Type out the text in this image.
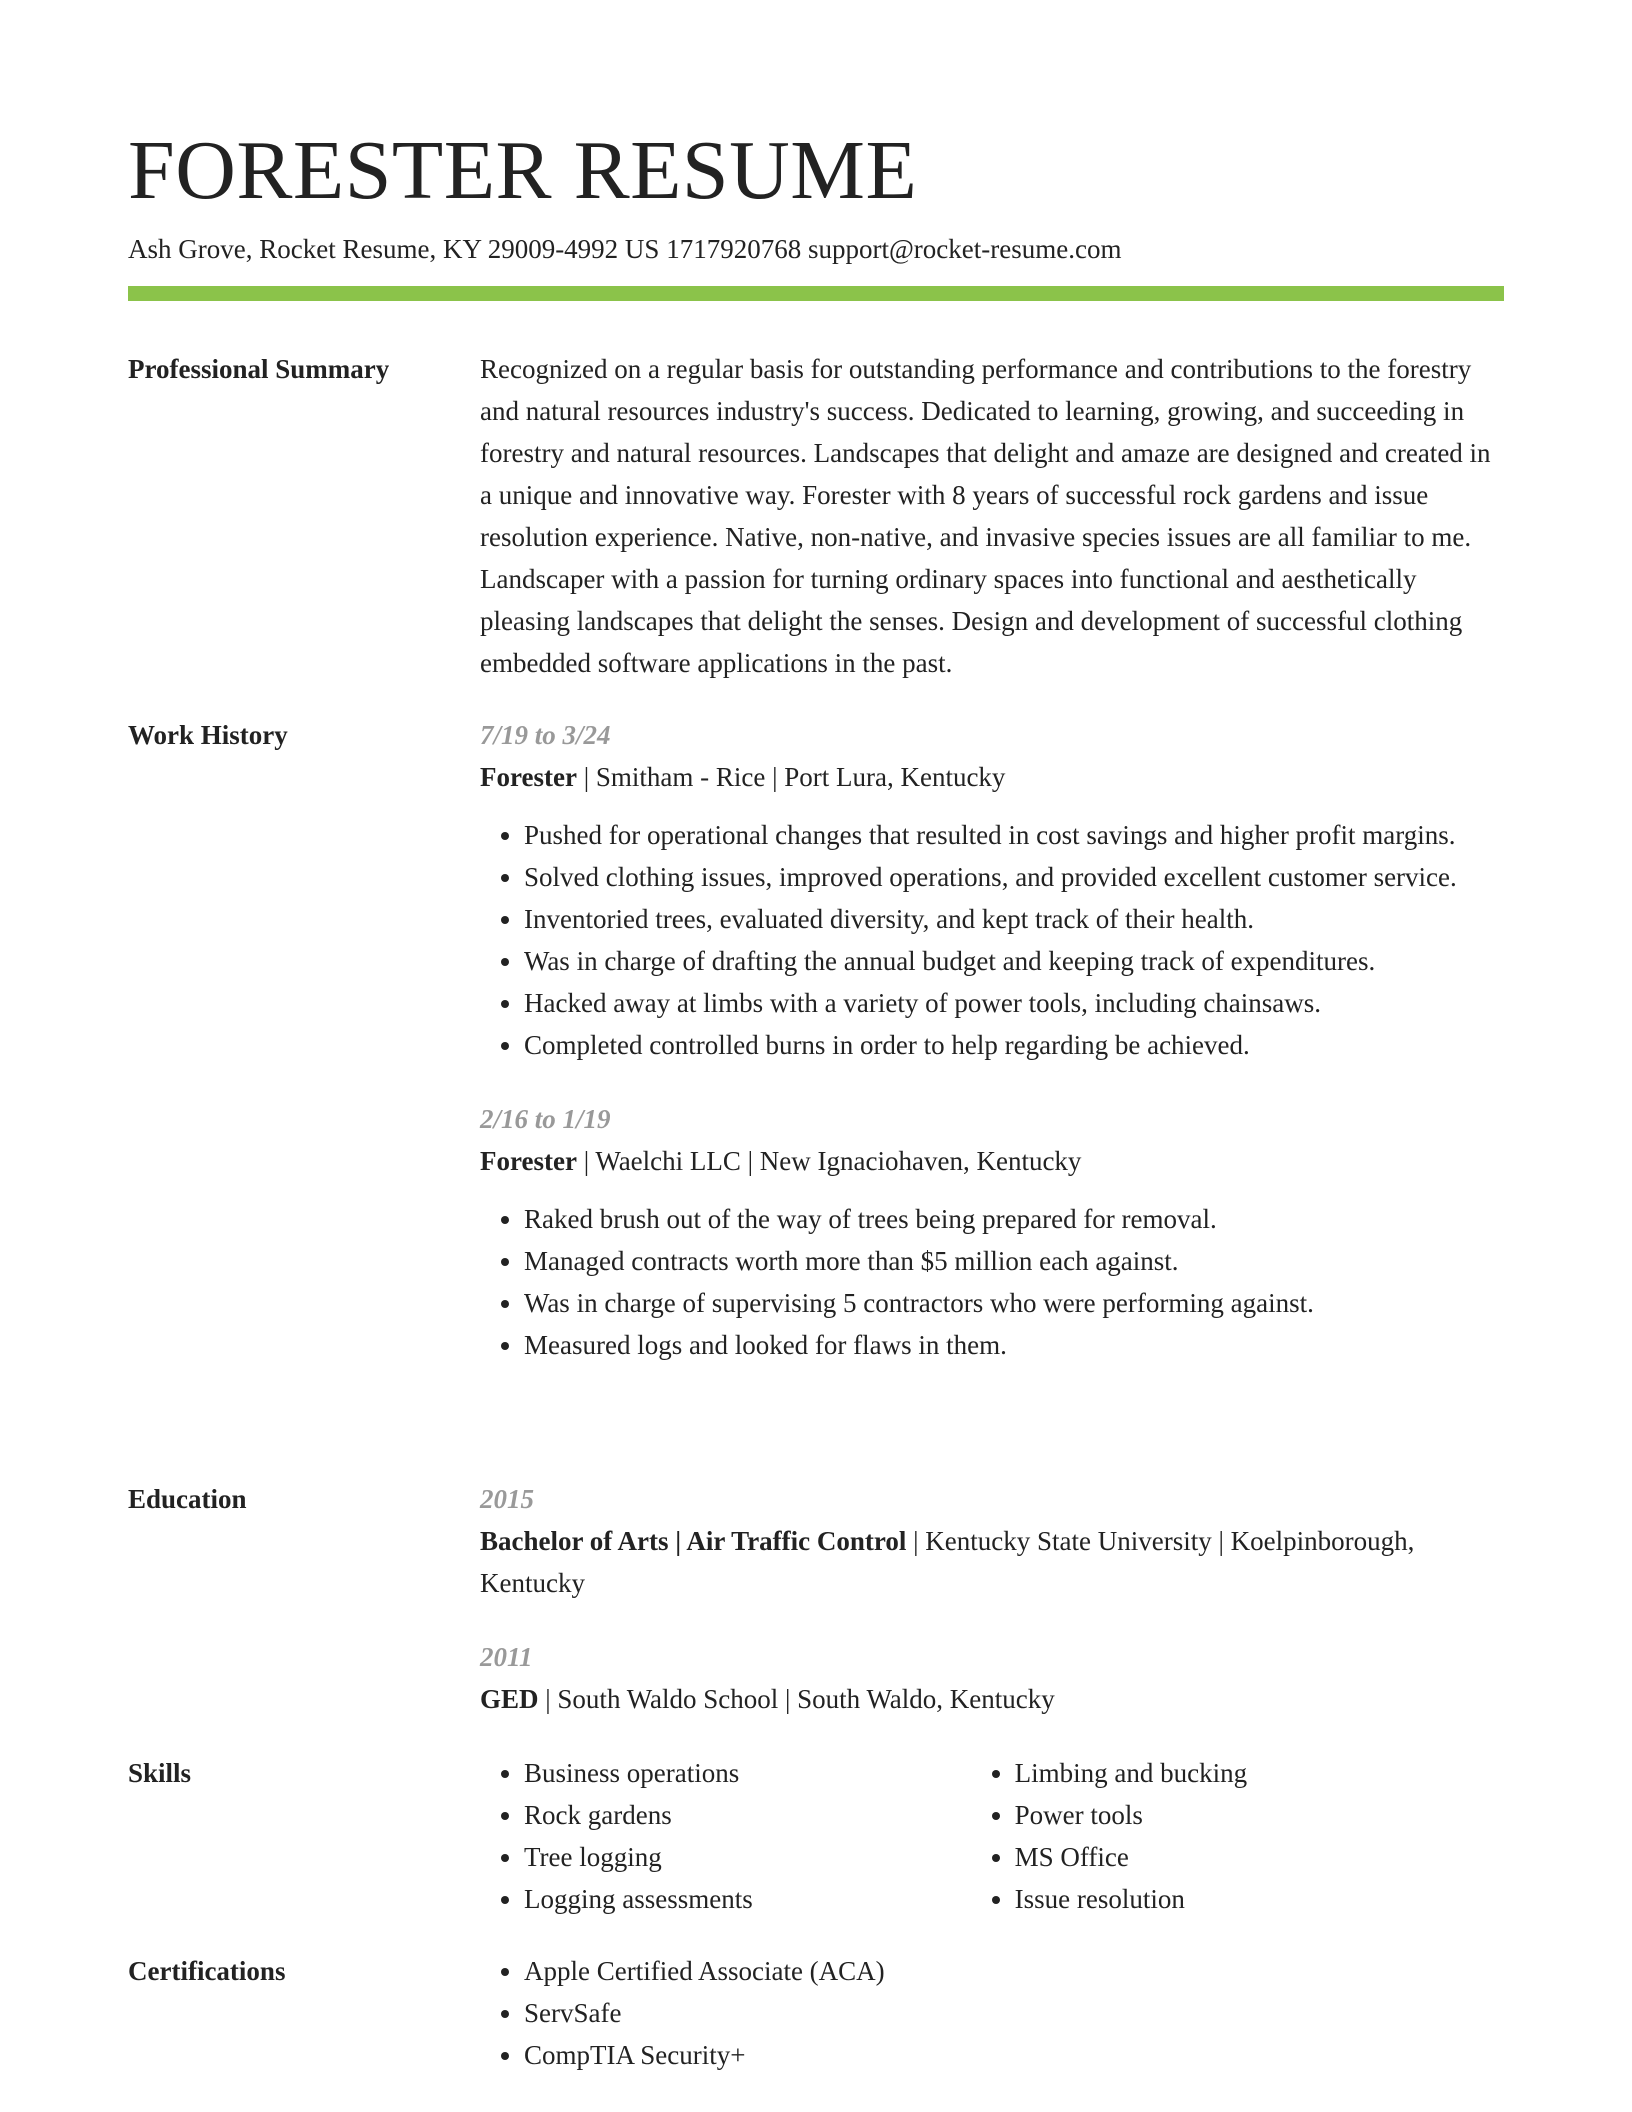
FORESTER RESUME
Ash Grove, Rocket Resume, KY 29009-4992 US 1717920768 support@rocket-resume.com
Professional Summary	Recognized on a regular basis for outstanding performance and contributions to the forestry and natural resources industry's success. Dedicated to learning, growing, and succeeding in forestry and natural resources. Landscapes that delight and amaze are designed and created in a unique and innovative way. Forester with 8 years of successful rock gardens and issue resolution experience. Native, non-native, and invasive species issues are all familiar to me. Landscaper with a passion for turning ordinary spaces into functional and aesthetically pleasing landscapes that delight the senses. Design and development of successful clothing embedded software applications in the past.

Work History	7/19 to 3/24
Forester | Smitham - Rice | Port Lura, Kentucky
• Pushed for operational changes that resulted in cost savings and higher profit margins.
• Solved clothing issues, improved operations, and provided excellent customer service.
• Inventoried trees, evaluated diversity, and kept track of their health.
• Was in charge of drafting the annual budget and keeping track of expenditures.
• Hacked away at limbs with a variety of power tools, including chainsaws.
• Completed controlled burns in order to help regarding be achieved.
2/16 to 1/19
Forester | Waelchi LLC | New Ignaciohaven, Kentucky
• Raked brush out of the way of trees being prepared for removal.
• Managed contracts worth more than $5 million each against.
• Was in charge of supervising 5 contractors who were performing against.
• Measured logs and looked for flaws in them.
Education	2015
Bachelor of Arts | Air Traffic Control | Kentucky State University | Koelpinborough, Kentucky
2011
GED | South Waldo School | South Waldo, Kentucky
Skills	• Business operations
• Rock gardens
• Tree logging
• Logging assessments
• Limbing and bucking
• Power tools
• MS Office
• Issue resolution
Certifications	• Apple Certified Associate (ACA)
• ServSafe
• CompTIA Security+
